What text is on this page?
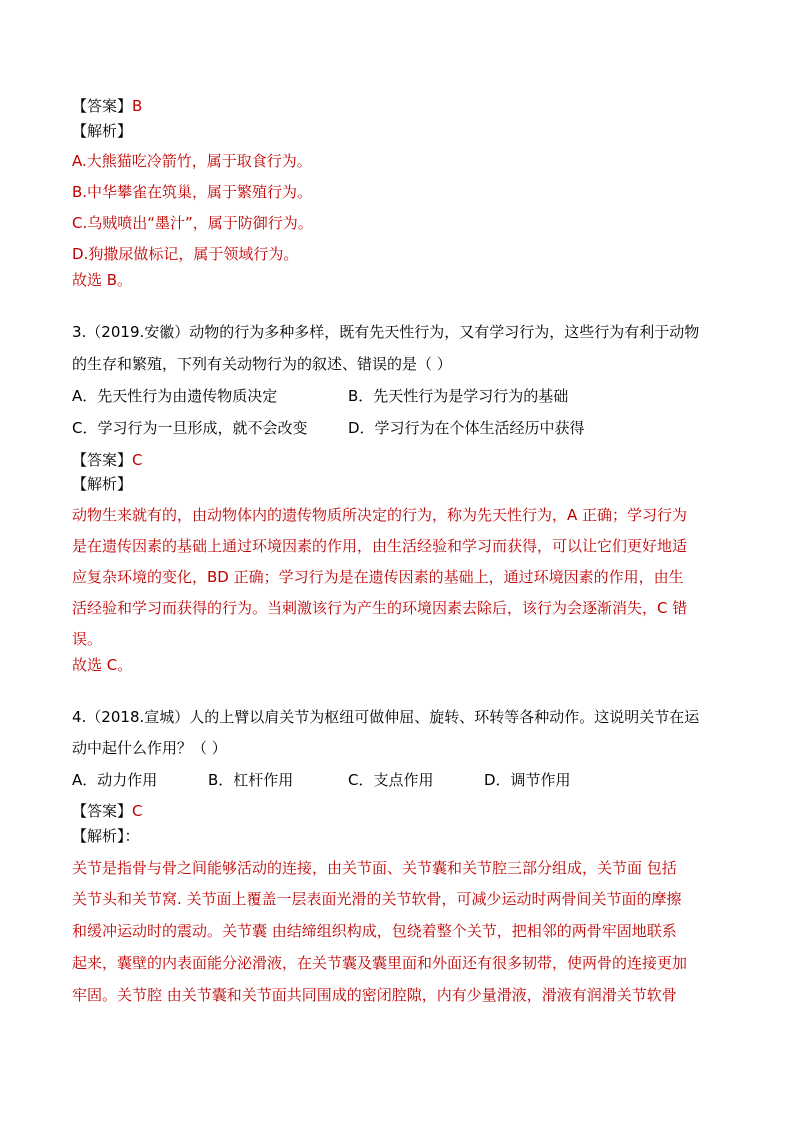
【答案】B
【解析】
A.大熊猫吃冷箭竹，属于取食行为。
B.中华攀雀在筑巢，属于繁殖行为。
C.乌贼喷出“墨汁”，属于防御行为。
D.狗撒尿做标记，属于领域行为。
故选 B。
3.（2019.安徽）动物的行为多种多样，既有先天性行为，又有学习行为，这些行为有利于动物
的生存和繁殖，下列有关动物行为的叙述、错误的是（ ）
A．先天性行为由遗传物质决定	B．先天性行为是学习行为的基础
C．学习行为一旦形成，就不会改变	D．学习行为在个体生活经历中获得
【答案】C
【解析】
动物生来就有的，由动物体内的遗传物质所决定的行为，称为先天性行为，A 正确；学习行为
是在遗传因素的基础上通过环境因素的作用，由生活经验和学习而获得，可以让它们更好地适
应复杂环境的变化，BD 正确；学习行为是在遗传因素的基础上，通过环境因素的作用，由生
活经验和学习而获得的行为。当刺激该行为产生的环境因素去除后，该行为会逐渐消失，C 错
误。
故选 C。
4.（2018.宣城）人的上臂以肩关节为枢纽可做伸屈、旋转、环转等各种动作。这说明关节在运
动中起什么作用？（ ）
A．动力作用	B．杠杆作用	C．支点作用	D．调节作用
【答案】C
【解析】：
关节是指骨与骨之间能够活动的连接，由关节面、关节囊和关节腔三部分组成，关节面 包括
关节头和关节窝. 关节面上覆盖一层表面光滑的关节软骨，可减少运动时两骨间关节面的摩擦
和缓冲运动时的震动。关节囊 由结缔组织构成，包绕着整个关节，把相邻的两骨牢固地联系
起来，囊壁的内表面能分泌滑液，在关节囊及囊里面和外面还有很多韧带，使两骨的连接更加
牢固。关节腔 由关节囊和关节面共同围成的密闭腔隙，内有少量滑液，滑液有润滑关节软骨
